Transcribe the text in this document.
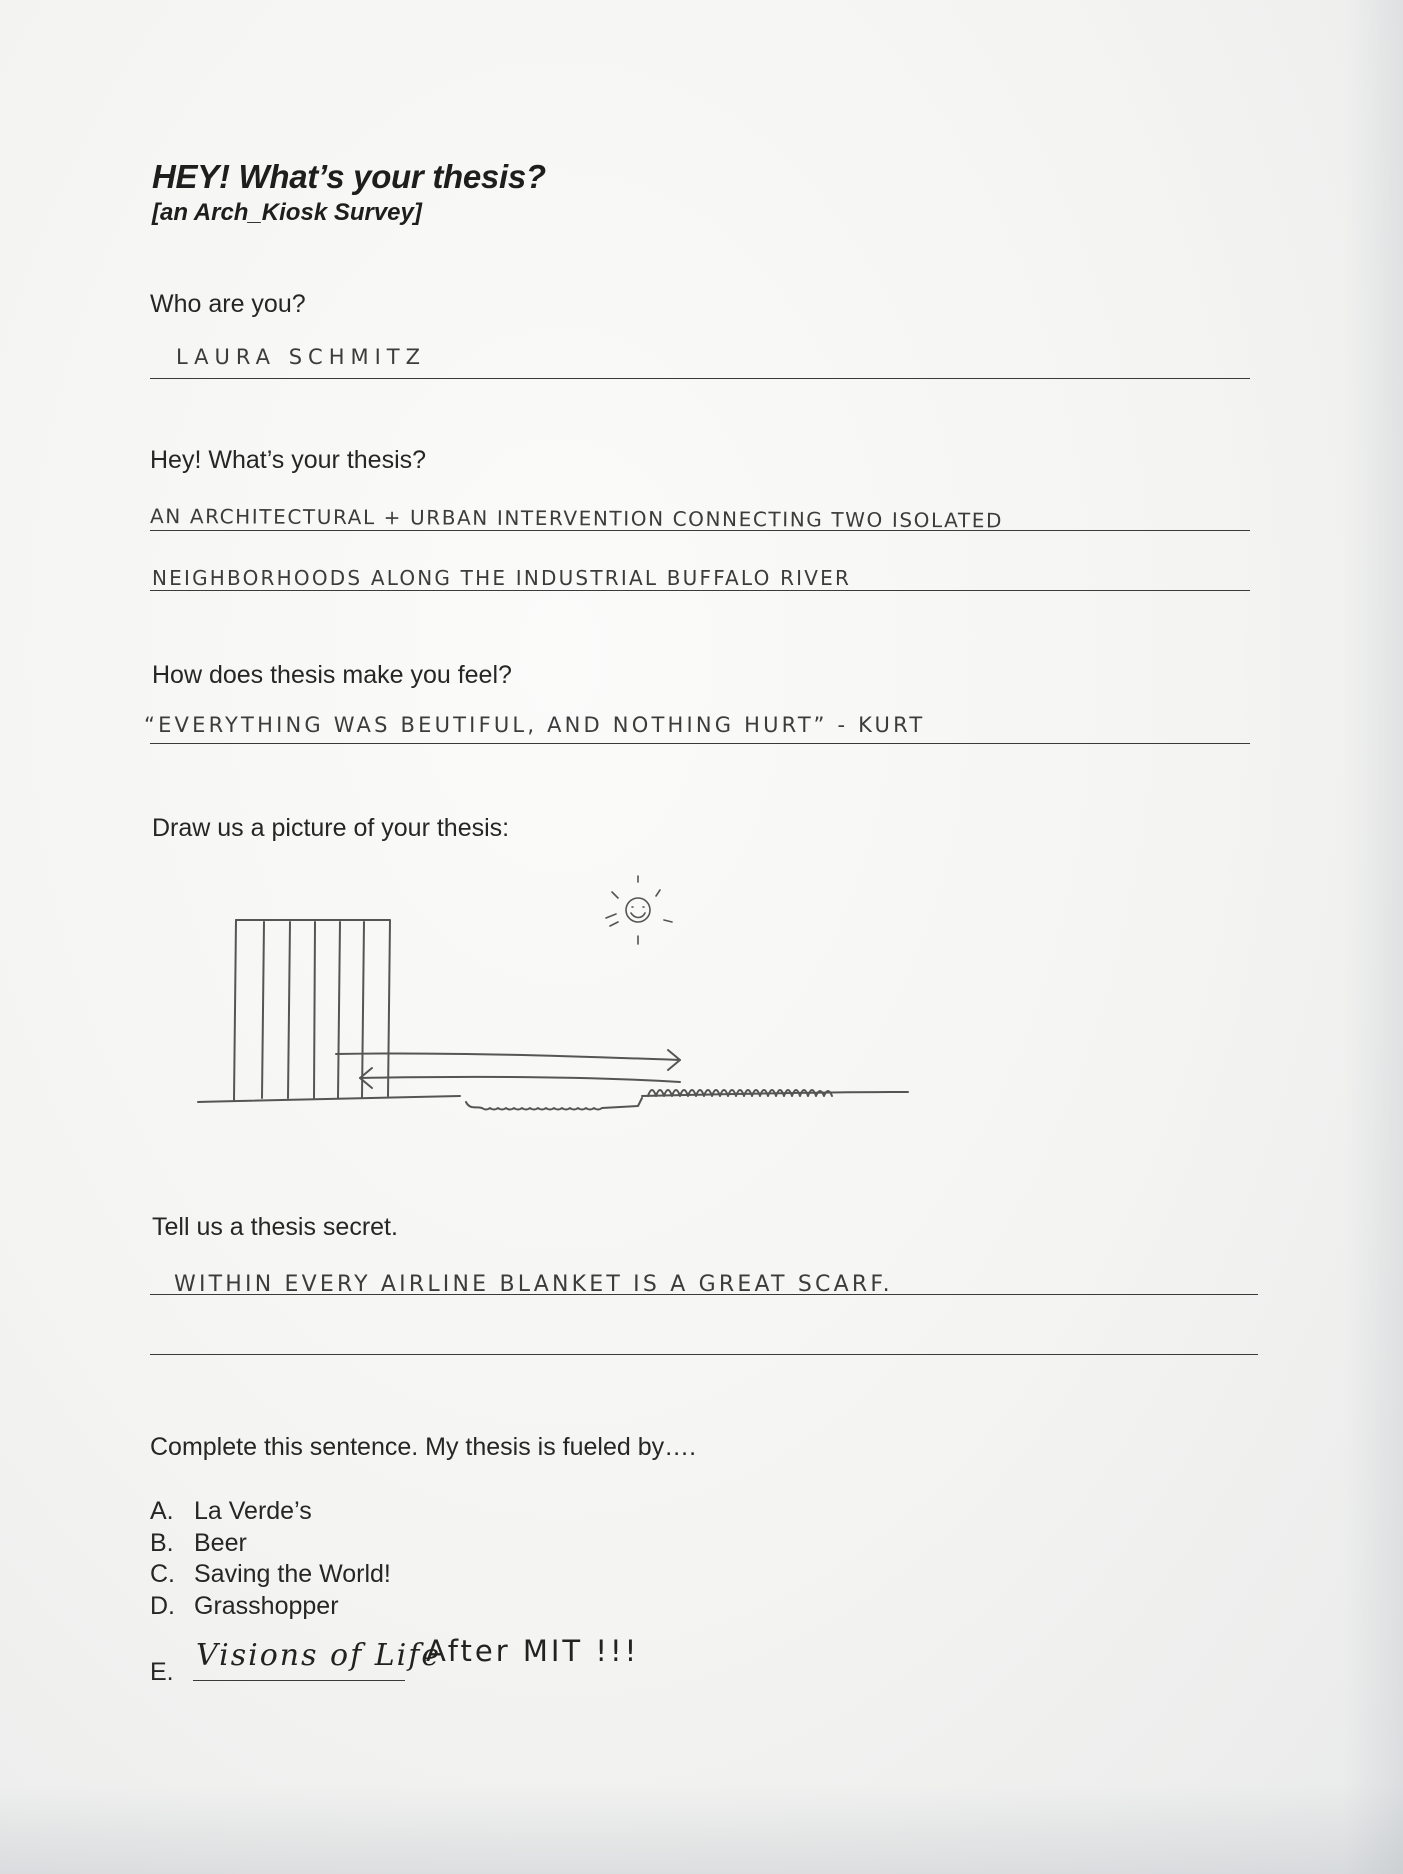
HEY! What’s your thesis?
[an Arch_Kiosk Survey]
Who are you?
LAURA SCHMITZ
Hey! What’s your thesis?
AN ARCHITECTURAL + URBAN INTERVENTION CONNECTING TWO ISOLATED
NEIGHBORHOODS ALONG THE INDUSTRIAL BUFFALO RIVER
How does thesis make you feel?
“EVERYTHING WAS BEUTIFUL, AND NOTHING HURT” - KURT
Draw us a picture of your thesis:
Tell us a thesis secret.
WITHIN EVERY AIRLINE BLANKET IS A GREAT SCARF.
Complete this sentence. My thesis is fueled by….
A. La Verde’s
B. Beer
C. Saving the World!
D. Grasshopper
E. Visions of Life
After MIT !!!
